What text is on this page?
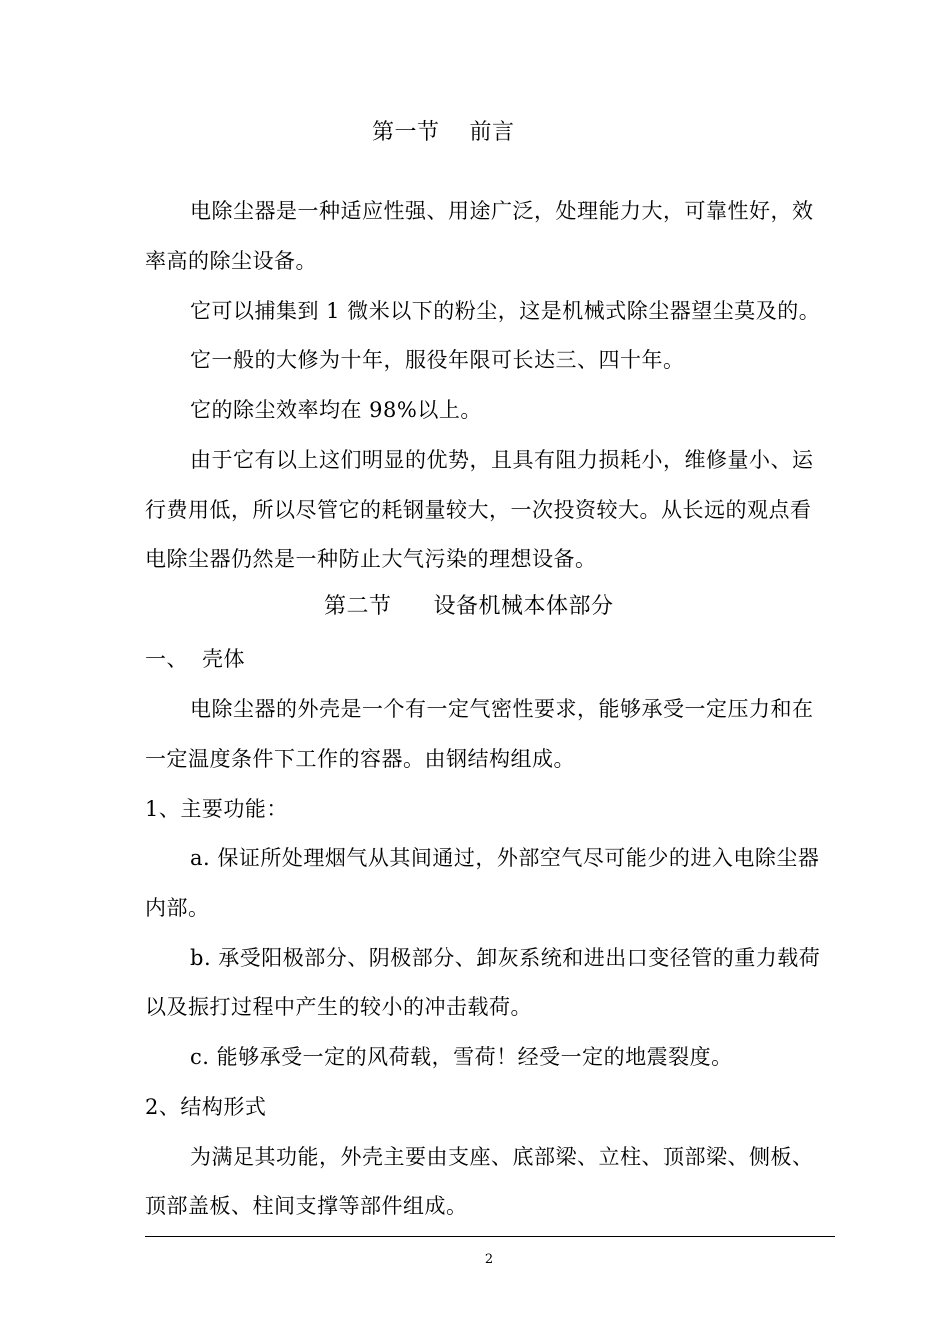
第一节 前言
电除尘器是一种适应性强、用途广泛，处理能力大，可靠性好，效
率高的除尘设备。
它可以捕集到 1 微米以下的粉尘，这是机械式除尘器望尘莫及的。
它一般的大修为十年，服役年限可长达三、四十年。
它的除尘效率均在 98%以上。
由于它有以上这们明显的优势，且具有阻力损耗小，维修量小、运
行费用低，所以尽管它的耗钢量较大，一次投资较大。从长远的观点看
电除尘器仍然是一种防止大气污染的理想设备。
第二节 设备机械本体部分
一、 壳体
电除尘器的外壳是一个有一定气密性要求，能够承受一定压力和在
一定温度条件下工作的容器。由钢结构组成。
1、主要功能：
a. 保证所处理烟气从其间通过，外部空气尽可能少的进入电除尘器
内部。
b. 承受阳极部分、阴极部分、卸灰系统和进出口变径管的重力载荷
以及振打过程中产生的较小的冲击载荷。
c. 能够承受一定的风荷载，雪荷！经受一定的地震裂度。
2、结构形式
为满足其功能，外壳主要由支座、底部梁、立柱、顶部梁、侧板、
顶部盖板、柱间支撑等部件组成。
2
